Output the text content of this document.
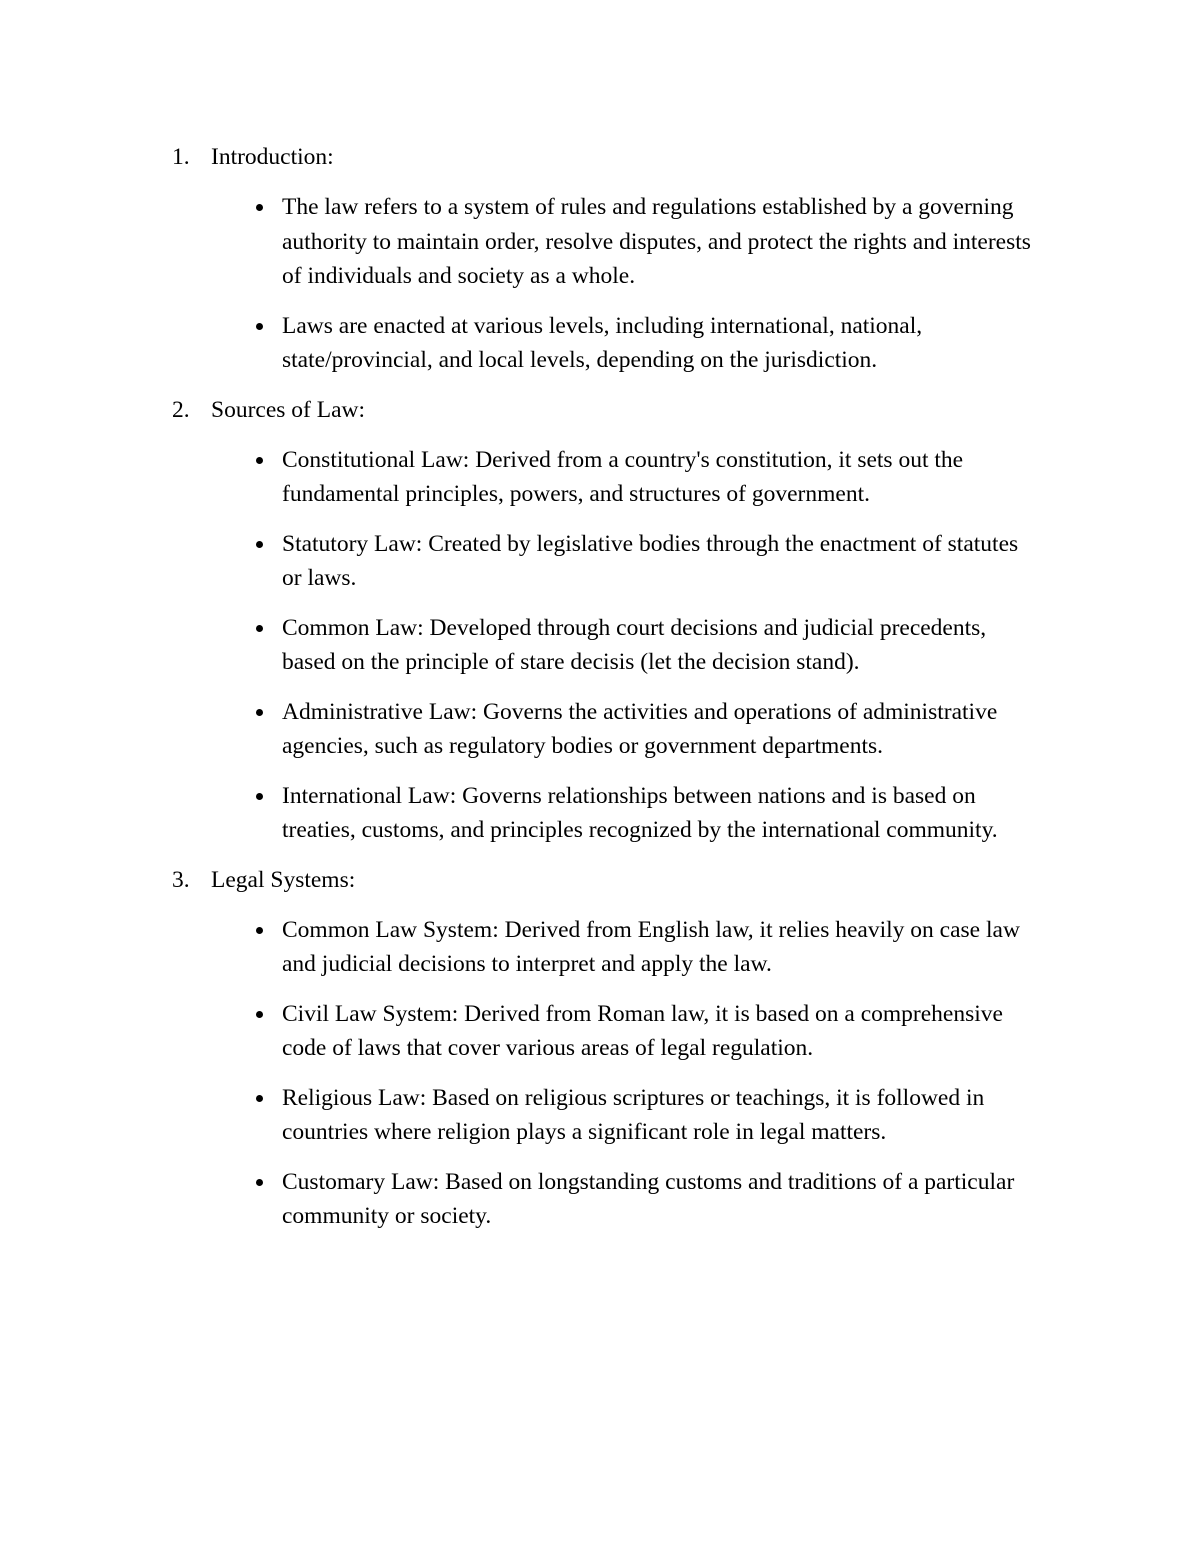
1. Introduction:
The law refers to a system of rules and regulations established by a governing authority to maintain order, resolve disputes, and protect the rights and interests of individuals and society as a whole.
Laws are enacted at various levels, including international, national, state/provincial, and local levels, depending on the jurisdiction.
2. Sources of Law:
Constitutional Law: Derived from a country's constitution, it sets out the fundamental principles, powers, and structures of government.
Statutory Law: Created by legislative bodies through the enactment of statutes or laws.
Common Law: Developed through court decisions and judicial precedents, based on the principle of stare decisis (let the decision stand).
Administrative Law: Governs the activities and operations of administrative agencies, such as regulatory bodies or government departments.
International Law: Governs relationships between nations and is based on treaties, customs, and principles recognized by the international community.
3. Legal Systems:
Common Law System: Derived from English law, it relies heavily on case law and judicial decisions to interpret and apply the law.
Civil Law System: Derived from Roman law, it is based on a comprehensive code of laws that cover various areas of legal regulation.
Religious Law: Based on religious scriptures or teachings, it is followed in countries where religion plays a significant role in legal matters.
Customary Law: Based on longstanding customs and traditions of a particular community or society.
